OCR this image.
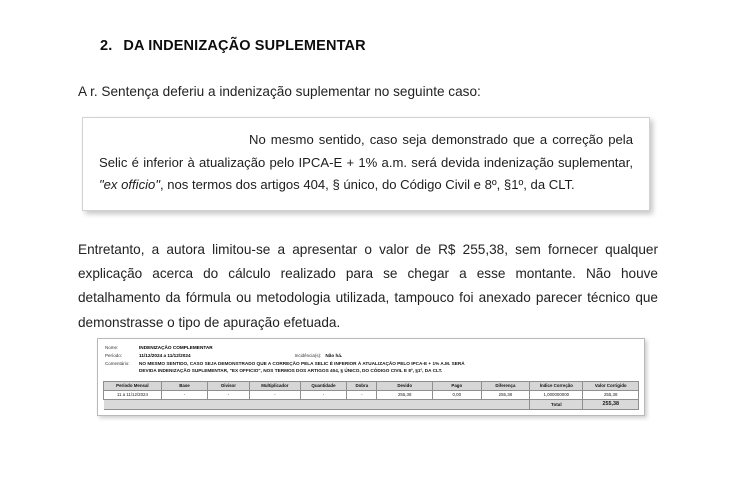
2. DA INDENIZAÇÃO SUPLEMENTAR
A r. Sentença deferiu a indenização suplementar no seguinte caso:

No mesmo sentido, caso seja demonstrado que a correção pela Selic é inferior à atualização pelo IPCA-E + 1% a.m. será devida indenização suplementar, "ex officio", nos termos dos artigos 404, § único, do Código Civil e 8º, §1º, da CLT.

Entretanto, a autora limitou-se a apresentar o valor de R$ 255,38, sem fornecer qualquer explicação acerca do cálculo realizado para se chegar a esse montante. Não houve detalhamento da fórmula ou metodologia utilizada, tampouco foi anexado parecer técnico que demonstrasse o tipo de apuração efetuada.
Nome:	INDENIZAÇÃO COMPLEMENTAR
Período:	11/12/2024 a 11/12/2024	Incidência(s): Não há.
Comentário:	NO MESMO SENTIDO, CASO SEJA DEMONSTRADO QUE A CORREÇÃO PELA SELIC É INFERIOR À ATUALIZAÇÃO PELO IPCA-E + 1% A.M. SERÁ
DEVIDA INDENIZAÇÃO SUPLEMENTAR, "EX OFFICIO", NOS TERMOS DOS ARTIGOS 404, § ÚNICO, DO CÓDIGO CIVIL E 8º, §1º, DA CLT.
Período Mensal	Base	Divisor	Multiplicador	Quantidade	Dobra	Devido	Pago	Diferença	Índice Correção	Valor Corrigido
11 a 11/12/2024	-	-	-	-	-	255,38	0,00	255,38	1,000000000	255,38
									Total	255,38
